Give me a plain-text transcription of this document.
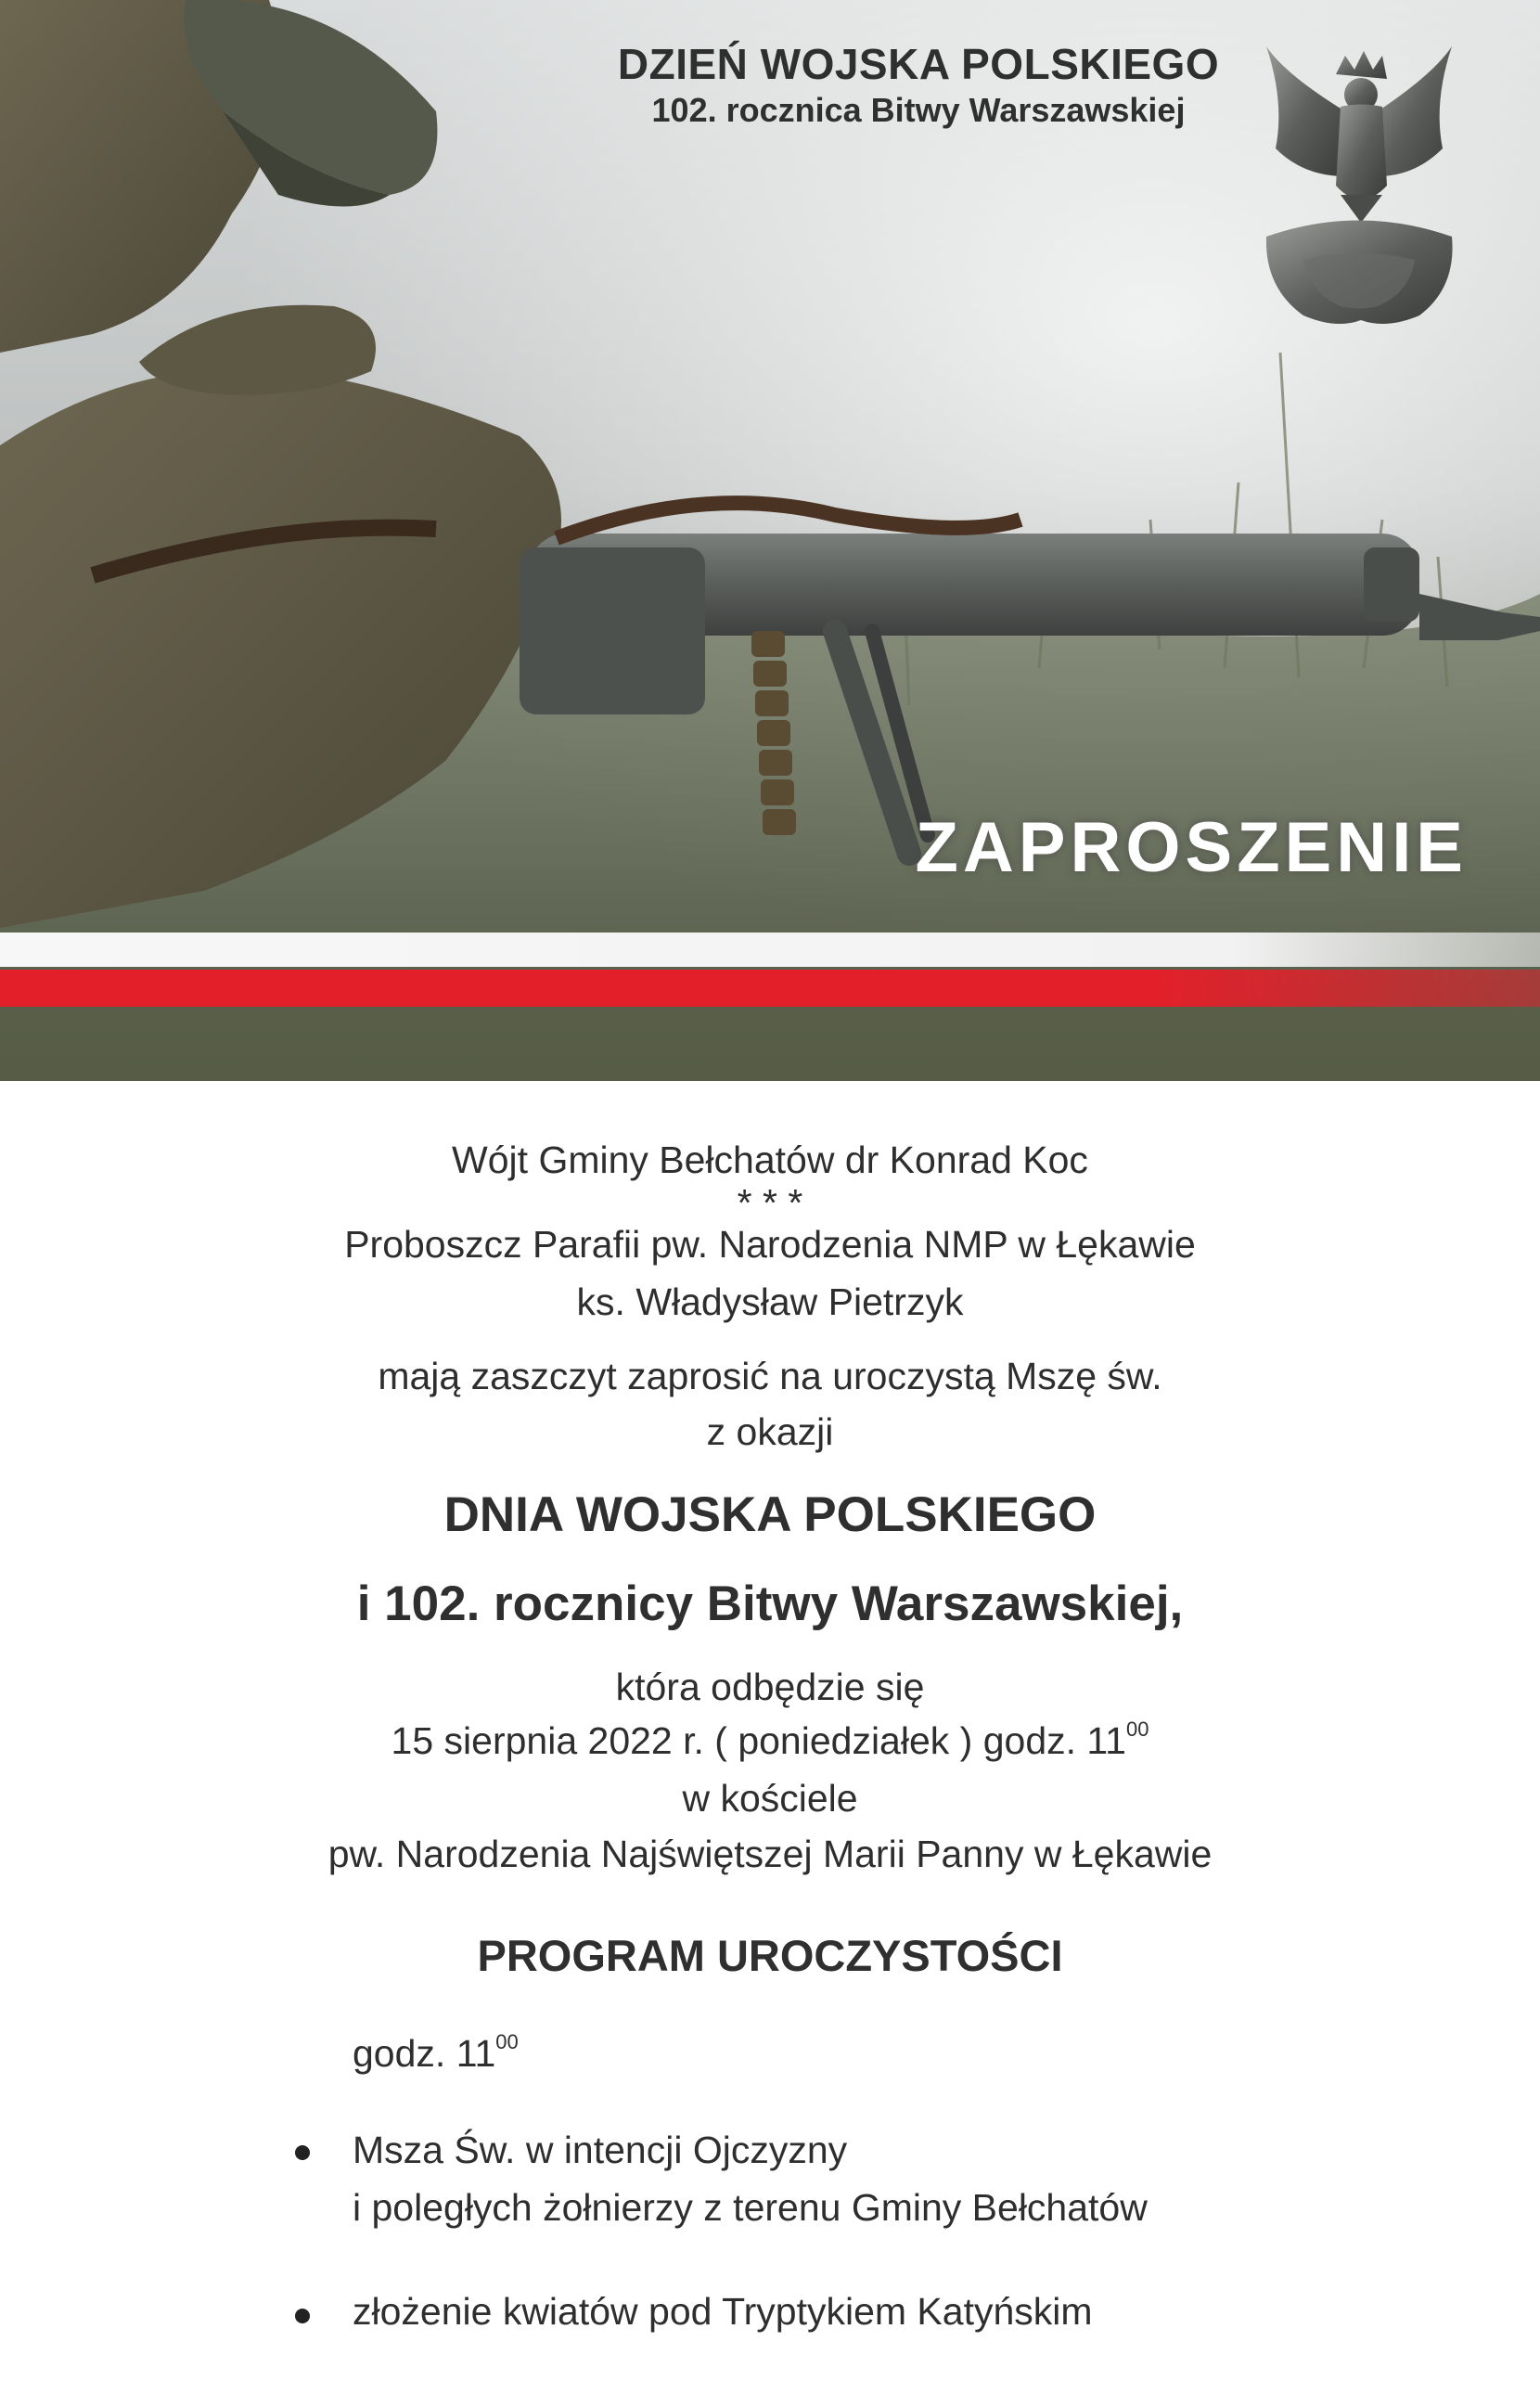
DZIEŃ WOJSKA POLSKIEGO
102. rocznica Bitwy Warszawskiej
ZAPROSZENIE
Wójt Gminy Bełchatów dr Konrad Koc
* * *
Proboszcz Parafii pw. Narodzenia NMP w Łękawie
ks. Władysław Pietrzyk
mają zaszczyt zaprosić na uroczystą Mszę św.
z okazji
DNIA WOJSKA POLSKIEGO
i 102. rocznicy Bitwy Warszawskiej,
która odbędzie się
15 sierpnia 2022 r. ( poniedziałek ) godz. $11^{00}$
w kościele
pw. Narodzenia Najświętszej Marii Panny w Łękawie
PROGRAM UROCZYSTOŚCI
godz. $11^{00}$
Msza Św. w intencji Ojczyzny
i poległych żołnierzy z terenu Gminy Bełchatów
złożenie kwiatów pod Tryptykiem Katyńskim
